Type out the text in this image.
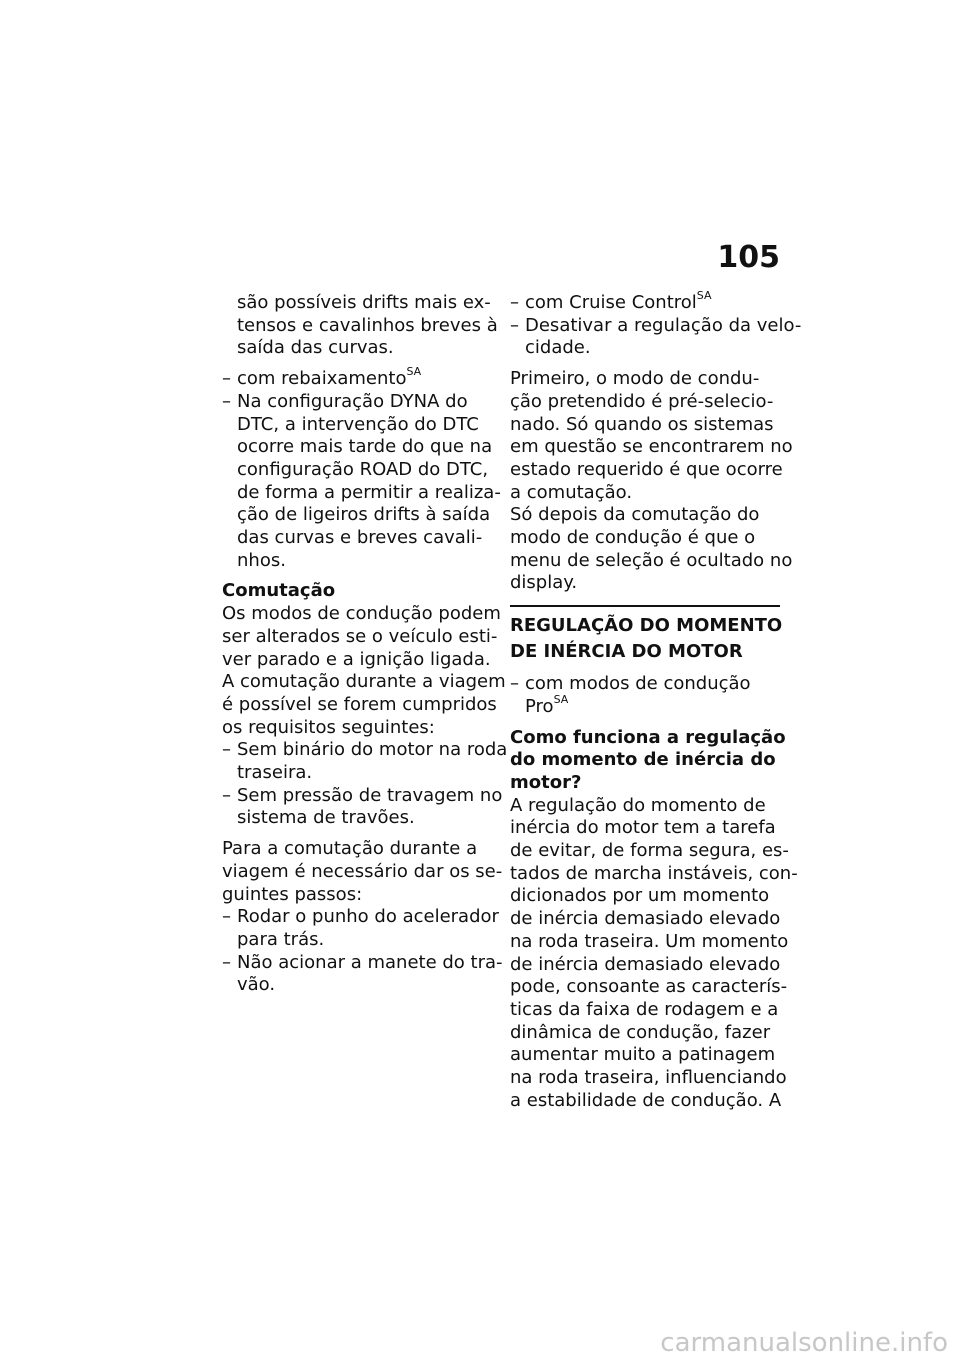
105
são possíveis drifts mais ex-
tensos e cavalinhos breves à
saída das curvas.
– com rebaixamento$^{SA}$
– Na configuração DYNA do
DTC, a intervenção do DTC
ocorre mais tarde do que na
configuração ROAD do DTC,
de forma a permitir a realiza-
ção de ligeiros drifts à saída
das curvas e breves cavali-
nhos.
Comutação
Os modos de condução podem
ser alterados se o veículo esti-
ver parado e a ignição ligada.
A comutação durante a viagem
é possível se forem cumpridos
os requisitos seguintes:
– Sem binário do motor na roda
traseira.
– Sem pressão de travagem no
sistema de travões.
Para a comutação durante a
viagem é necessário dar os se-
guintes passos:
– Rodar o punho do acelerador
para trás.
– Não acionar a manete do tra-
vão.
– com Cruise Control$^{SA}$
– Desativar a regulação da velo-
cidade.
Primeiro, o modo de condu-
ção pretendido é pré-selecio-
nado. Só quando os sistemas
em questão se encontrarem no
estado requerido é que ocorre
a comutação.
Só depois da comutação do
modo de condução é que o
menu de seleção é ocultado no
display.
REGULAÇÃO DO MOMENTO
DE INÉRCIA DO MOTOR
– com modos de condução
Pro$^{SA}$
Como funciona a regulação
do momento de inércia do
motor?
A regulação do momento de
inércia do motor tem a tarefa
de evitar, de forma segura, es-
tados de marcha instáveis, con-
dicionados por um momento
de inércia demasiado elevado
na roda traseira. Um momento
de inércia demasiado elevado
pode, consoante as caracterís-
ticas da faixa de rodagem e a
dinâmica de condução, fazer
aumentar muito a patinagem
na roda traseira, influenciando
a estabilidade de condução. A
carmanualsonline.info
